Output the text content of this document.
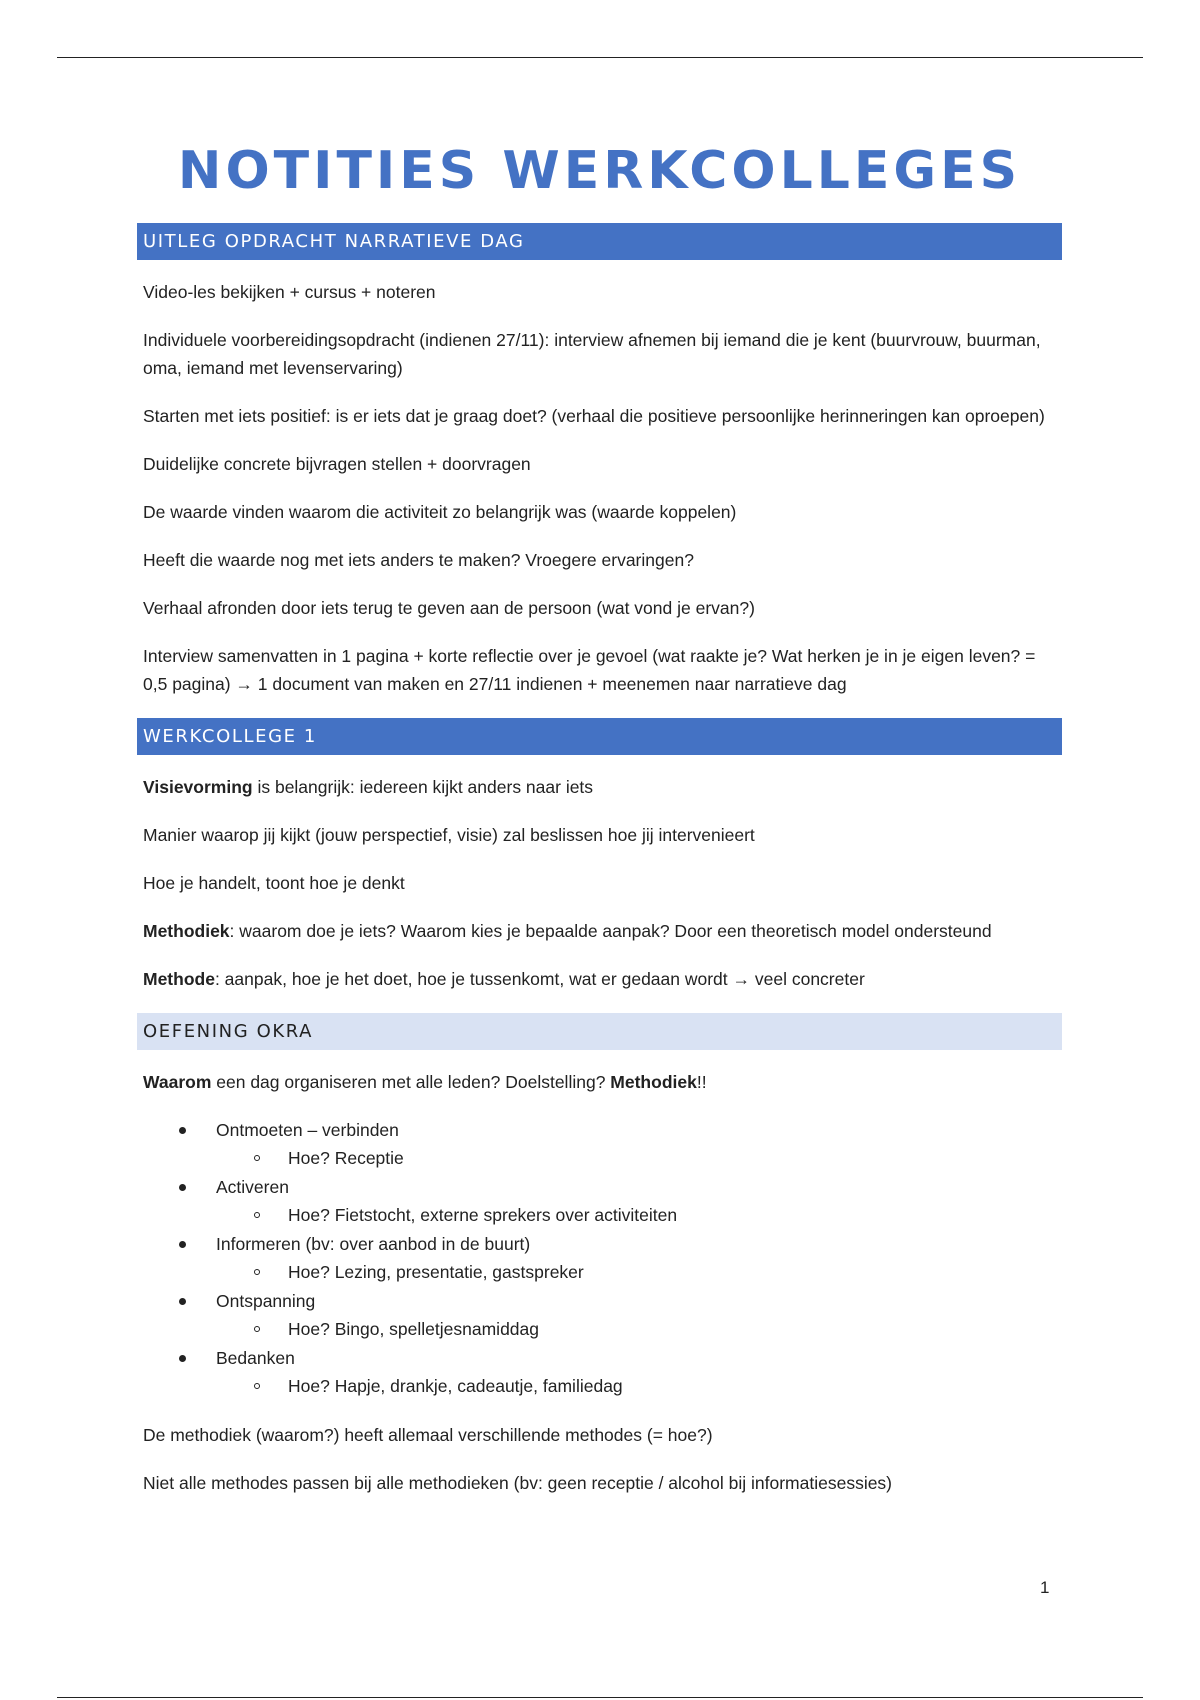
NOTITIES WERKCOLLEGES
UITLEG OPDRACHT NARRATIEVE DAG

Video-les bekijken + cursus + noteren

Individuele voorbereidingsopdracht (indienen 27/11): interview afnemen bij iemand die je kent (buurvrouw, buurman, oma, iemand met levenservaring)

Starten met iets positief: is er iets dat je graag doet? (verhaal die positieve persoonlijke herinneringen kan oproepen)

Duidelijke concrete bijvragen stellen + doorvragen

De waarde vinden waarom die activiteit zo belangrijk was (waarde koppelen)

Heeft die waarde nog met iets anders te maken? Vroegere ervaringen?

Verhaal afronden door iets terug te geven aan de persoon (wat vond je ervan?)

Interview samenvatten in 1 pagina + korte reflectie over je gevoel (wat raakte je? Wat herken je in je eigen leven? = 0,5 pagina) → 1 document van maken en 27/11 indienen + meenemen naar narratieve dag

WERKCOLLEGE 1

Visievorming is belangrijk: iedereen kijkt anders naar iets

Manier waarop jij kijkt (jouw perspectief, visie) zal beslissen hoe jij intervenieert

Hoe je handelt, toont hoe je denkt

Methodiek: waarom doe je iets? Waarom kies je bepaalde aanpak? Door een theoretisch model ondersteund

Methode: aanpak, hoe je het doet, hoe je tussenkomt, wat er gedaan wordt → veel concreter

OEFENING OKRA

Waarom een dag organiseren met alle leden? Doelstelling? Methodiek!!

Ontmoeten – verbinden
Hoe? Receptie
Activeren
Hoe? Fietstocht, externe sprekers over activiteiten
Informeren (bv: over aanbod in de buurt)
Hoe? Lezing, presentatie, gastspreker
Ontspanning
Hoe? Bingo, spelletjesnamiddag
Bedanken
Hoe? Hapje, drankje, cadeautje, familiedag

De methodiek (waarom?) heeft allemaal verschillende methodes (= hoe?)

Niet alle methodes passen bij alle methodieken (bv: geen receptie / alcohol bij informatiesessies)

1
